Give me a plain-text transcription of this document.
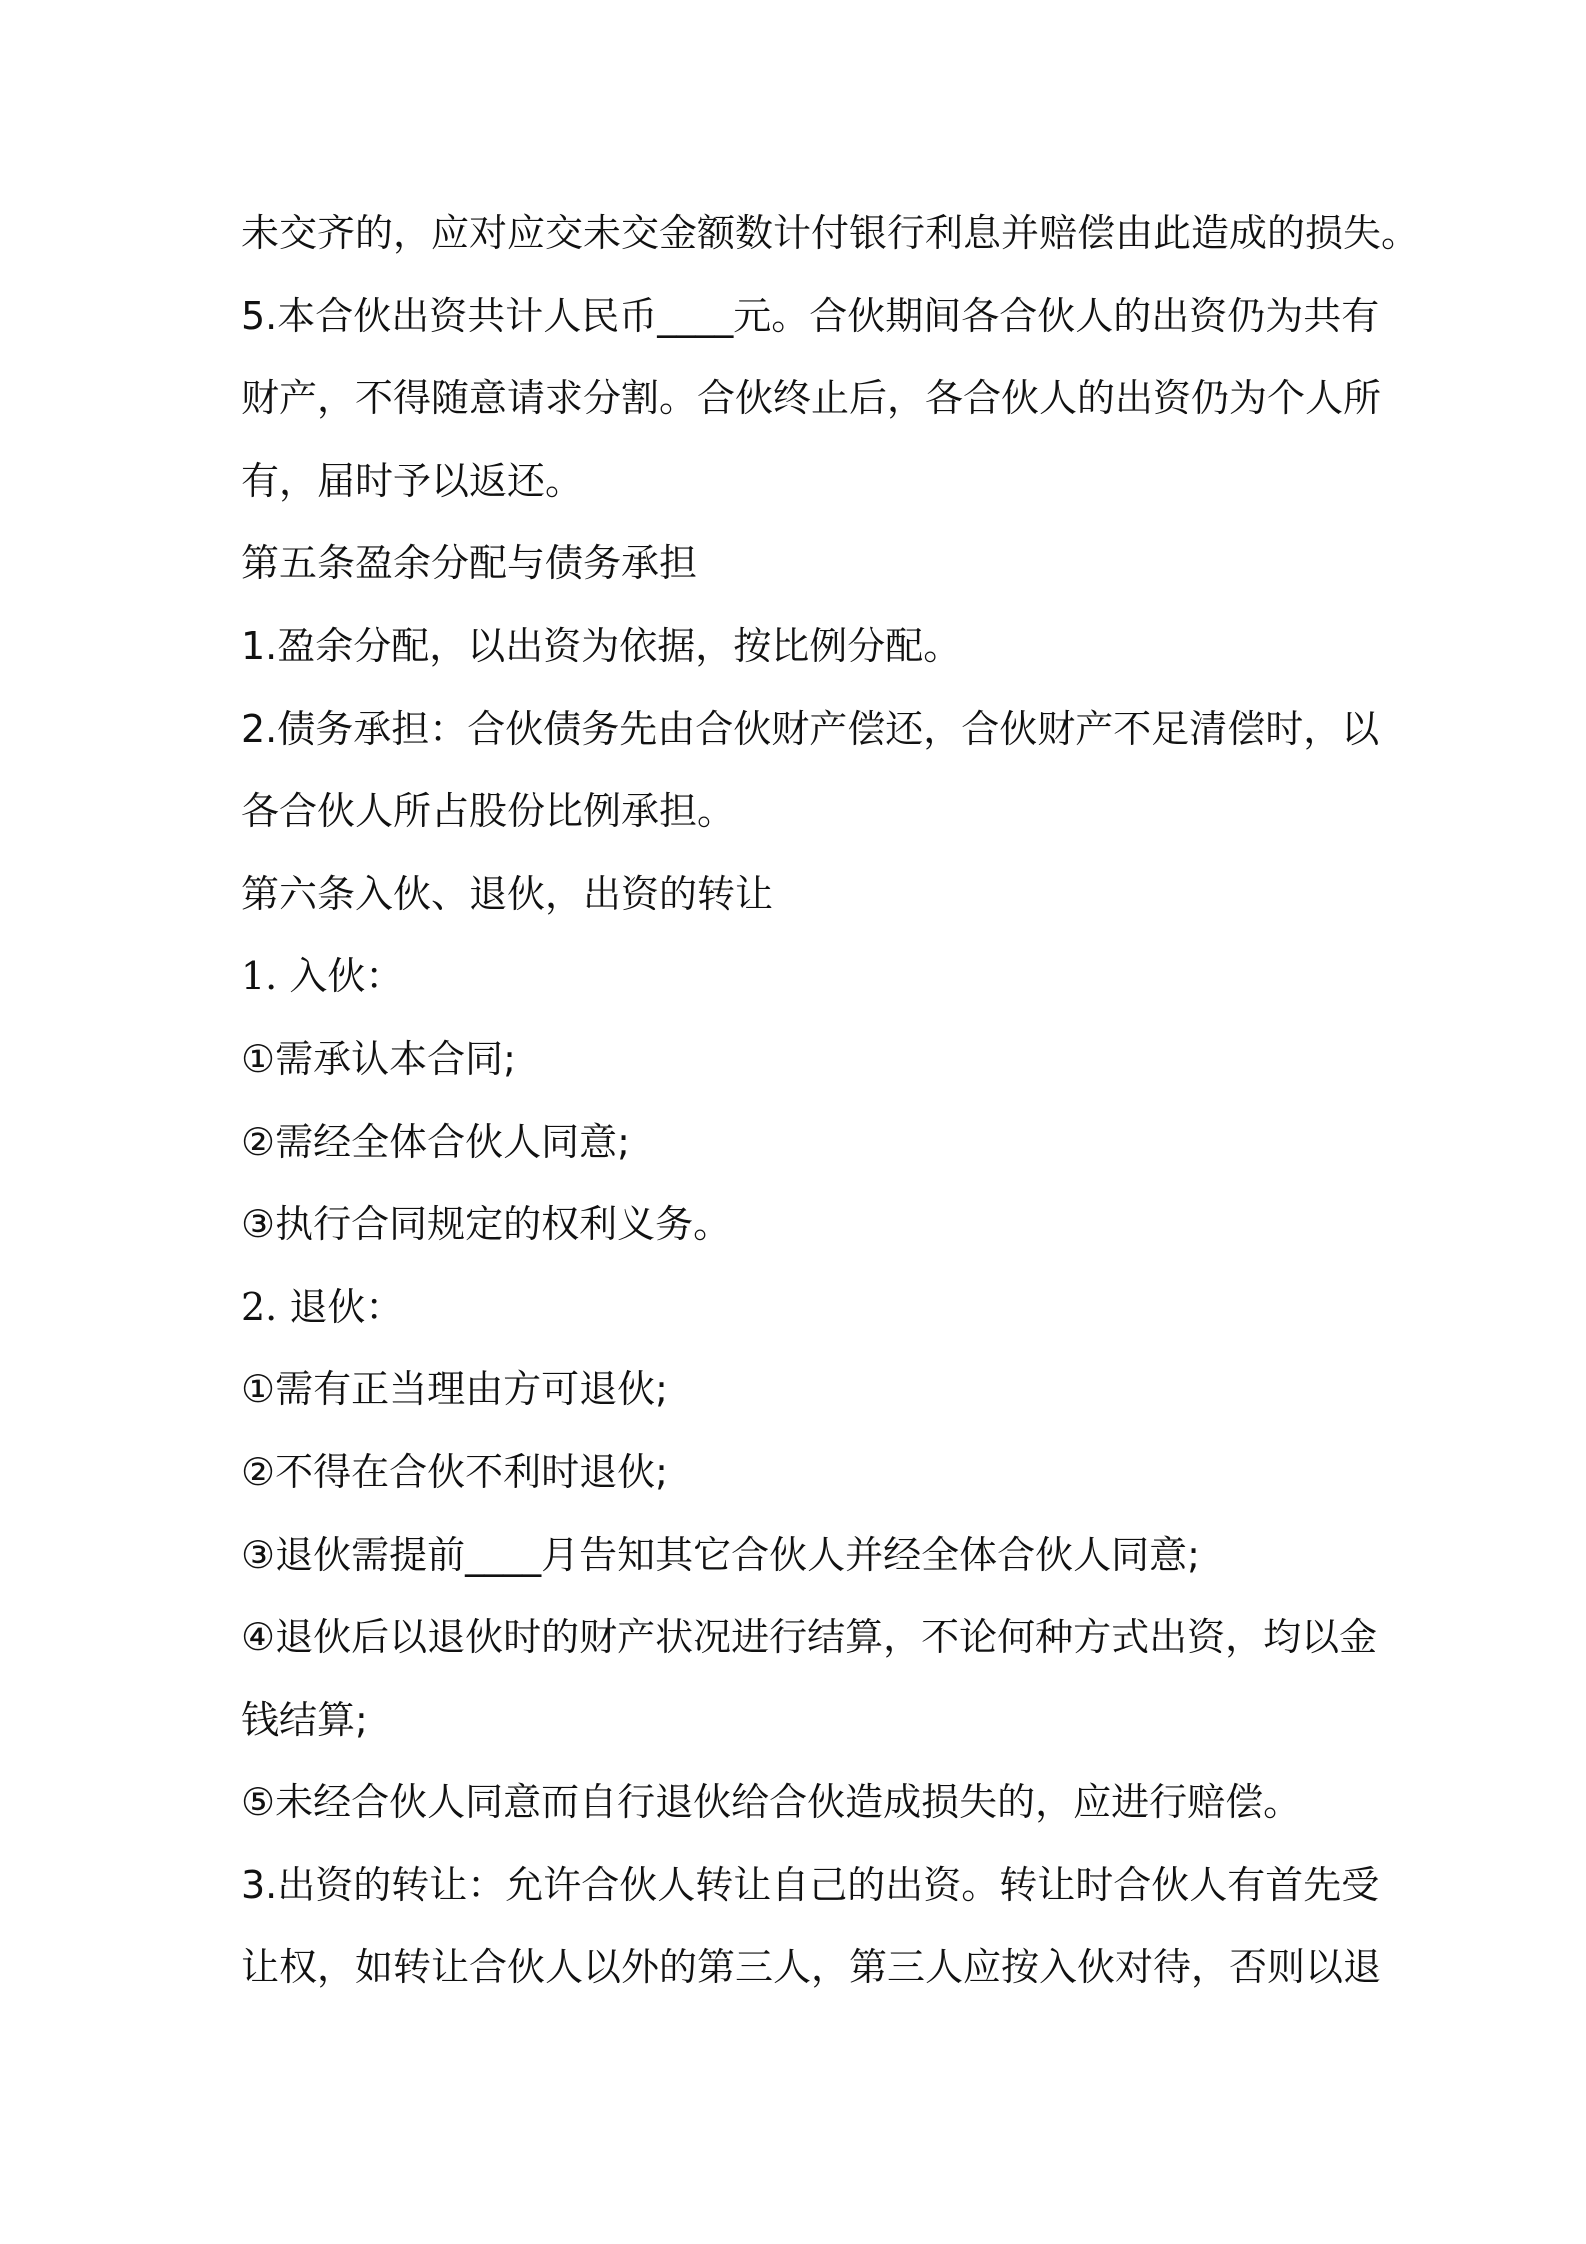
未交齐的，应对应交未交金额数计付银行利息并赔偿由此造成的损失。

5.本合伙出资共计人民币____元。合伙期间各合伙人的出资仍为共有

财产，不得随意请求分割。合伙终止后，各合伙人的出资仍为个人所

有，届时予以返还。

第五条盈余分配与债务承担

1.盈余分配，以出资为依据，按比例分配。

2.债务承担：合伙债务先由合伙财产偿还，合伙财产不足清偿时，以

各合伙人所占股份比例承担。

第六条入伙、退伙，出资的转让

1. 入伙：

①需承认本合同;

②需经全体合伙人同意;

③执行合同规定的权利义务。

2. 退伙：

①需有正当理由方可退伙;

②不得在合伙不利时退伙;

③退伙需提前____月告知其它合伙人并经全体合伙人同意;

④退伙后以退伙时的财产状况进行结算，不论何种方式出资，均以金

钱结算;

⑤未经合伙人同意而自行退伙给合伙造成损失的，应进行赔偿。

3.出资的转让：允许合伙人转让自己的出资。转让时合伙人有首先受

让权，如转让合伙人以外的第三人，第三人应按入伙对待，否则以退
